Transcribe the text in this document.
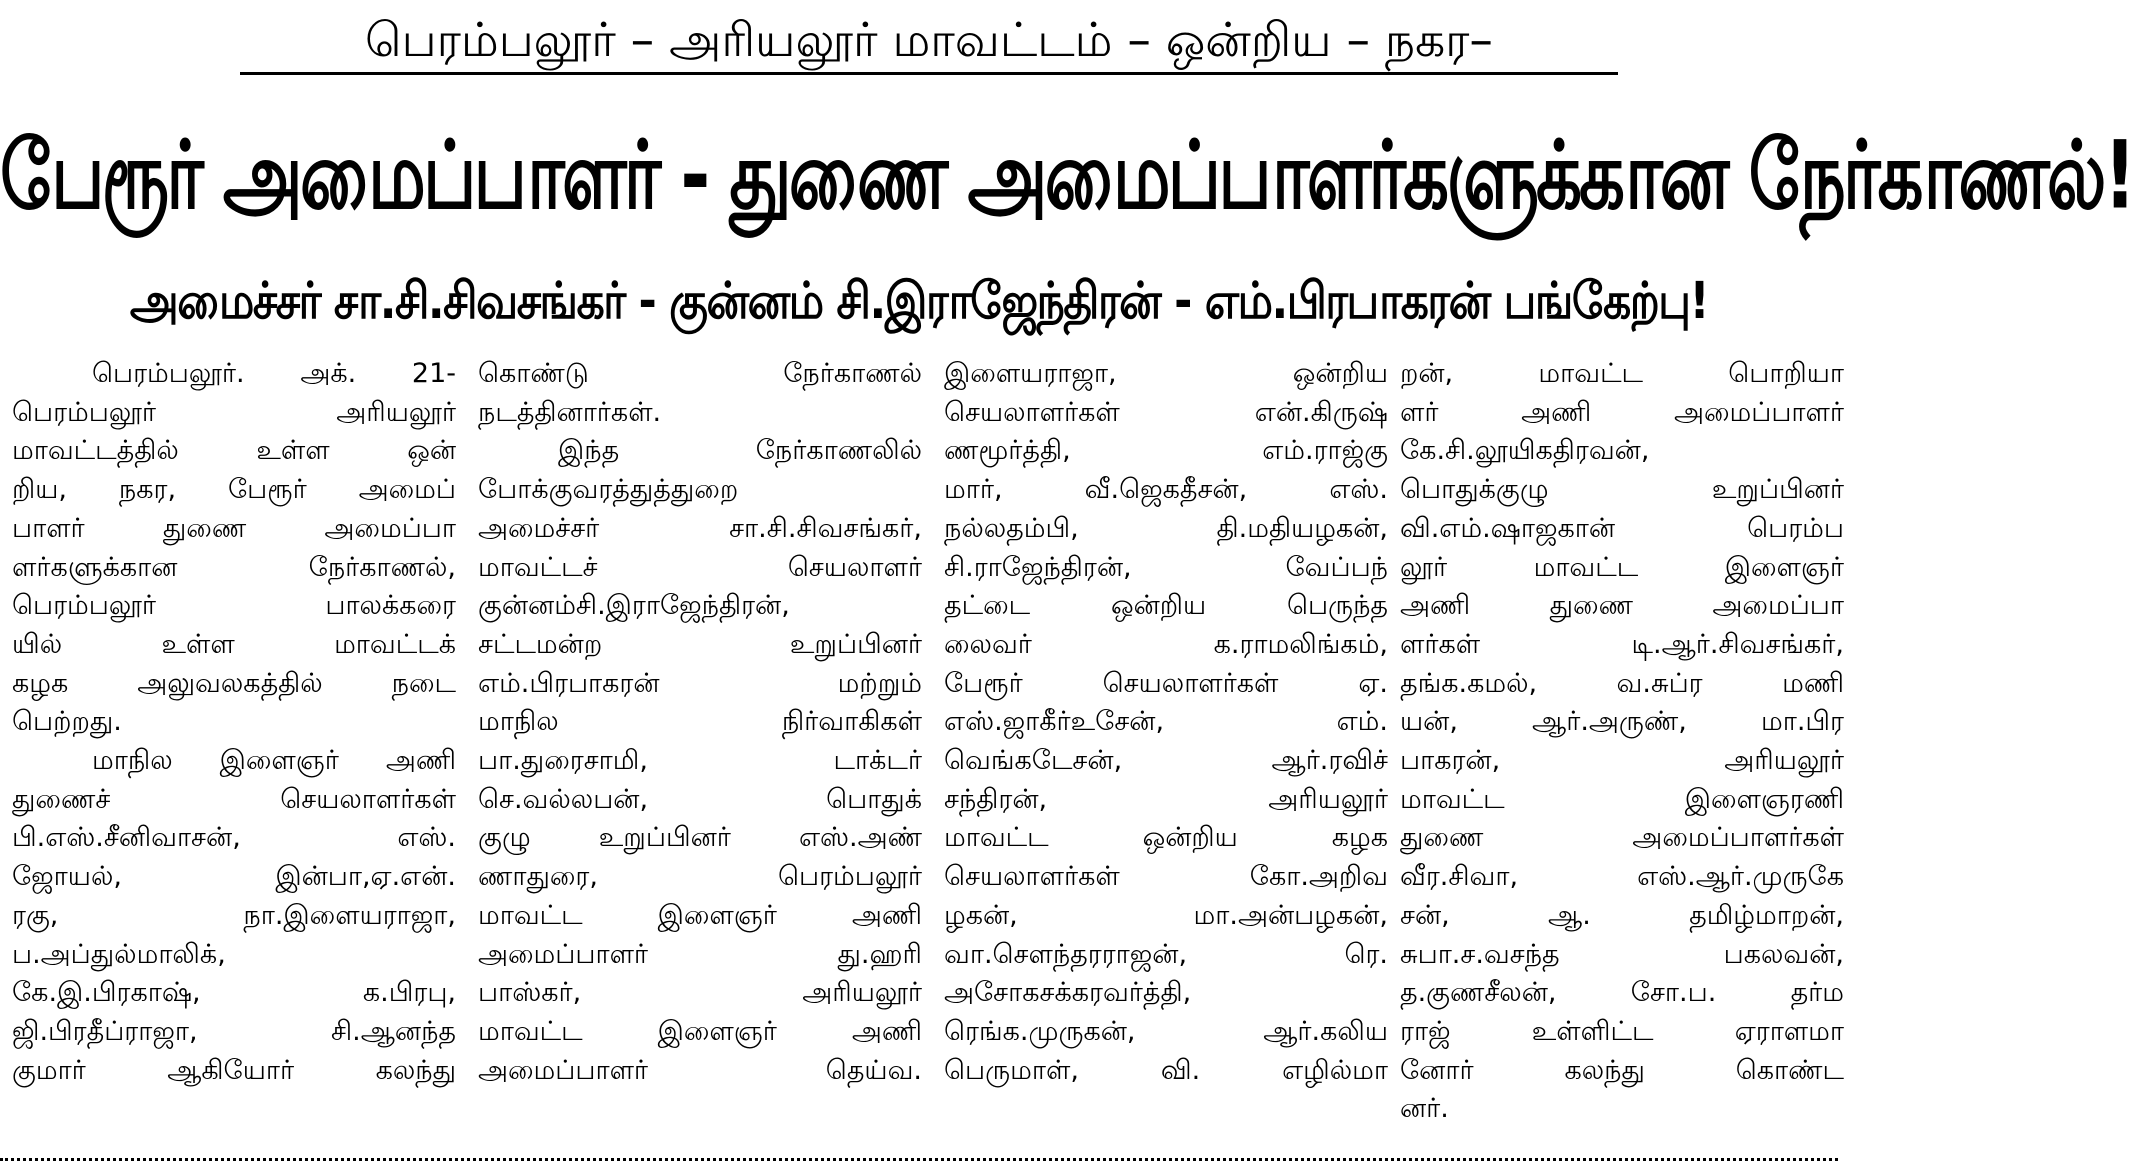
பெரம்பலூர் – அரியலூர் மாவட்டம் – ஒன்றிய – நகர–
பேரூர் அமைப்பாளர் - துணை அமைப்பாளர்களுக்கான நேர்காணல்!
அமைச்சர் சா.சி.சிவசங்கர் - குன்னம் சி.இராஜேந்திரன் - எம்.பிரபாகரன் பங்கேற்பு!
பெரம்பலூர். அக். 21-
பெரம்பலூர் அரியலூர்
மாவட்டத்தில் உள்ள ஒன்
றிய, நகர, பேரூர் அமைப்
பாளர் துணை அமைப்பா
ளர்களுக்கான நேர்காணல்,
பெரம்பலூர் பாலக்கரை
யில் உள்ள மாவட்டக்
கழக அலுவலகத்தில் நடை
பெற்றது.
மாநில இளைஞர் அணி
துணைச் செயலாளர்கள்
பி.எஸ்.சீனிவாசன், எஸ்.
ஜோயல், இன்பா,ஏ.என்.
ரகு, நா.இளையராஜா,
ப.அப்துல்மாலிக்,
கே.இ.பிரகாஷ், க.பிரபு,
ஜி.பிரதீப்ராஜா, சி.ஆனந்த
குமார் ஆகியோர் கலந்து
கொண்டு நேர்காணல்
நடத்தினார்கள்.
இந்த நேர்காணலில்
போக்குவரத்துத்துறை
அமைச்சர் சா.சி.சிவசங்கர்,
மாவட்டச் செயலாளர்
குன்னம்சி.இராஜேந்திரன்,
சட்டமன்ற உறுப்பினர்
எம்.பிரபாகரன் மற்றும்
மாநில நிர்வாகிகள்
பா.துரைசாமி, டாக்டர்
செ.வல்லபன், பொதுக்
குழு உறுப்பினர் எஸ்.அண்
ணாதுரை, பெரம்பலூர்
மாவட்ட இளைஞர் அணி
அமைப்பாளர் து.ஹரி
பாஸ்கர், அரியலூர்
மாவட்ட இளைஞர் அணி
அமைப்பாளர் தெய்வ.
இளையராஜா, ஒன்றிய
செயலாளர்கள் என்.கிருஷ்
ணமூர்த்தி, எம்.ராஜ்கு
மார், வீ.ஜெகதீசன், எஸ்.
நல்லதம்பி, தி.மதியழகன்,
சி.ராஜேந்திரன், வேப்பந்
தட்டை ஒன்றிய பெருந்த
லைவர் க.ராமலிங்கம்,
பேரூர் செயலாளர்கள் ஏ.
எஸ்.ஜாகீர்உசேன், எம்.
வெங்கடேசன், ஆர்.ரவிச்
சந்திரன், அரியலூர்
மாவட்ட ஒன்றிய கழக
செயலாளர்கள் கோ.அறிவ
ழகன், மா.அன்பழகன்,
வா.செளந்தரராஜன், ரெ.
அசோகசக்கரவர்த்தி,
ரெங்க.முருகன், ஆர்.கலிய
பெருமாள், வி. எழில்மா
றன், மாவட்ட பொறியா
ளர் அணி அமைப்பாளர்
கே.சி.லூயிகதிரவன்,
பொதுக்குழு உறுப்பினர்
வி.எம்.ஷாஜகான் பெரம்ப
லூர் மாவட்ட இளைஞர்
அணி துணை அமைப்பா
ளர்கள் டி.ஆர்.சிவசங்கர்,
தங்க.கமல், வ.சுப்ர மணி
யன், ஆர்.அருண், மா.பிர
பாகரன், அரியலூர்
மாவட்ட இளைஞரணி
துணை அமைப்பாளர்கள்
வீர.சிவா, எஸ்.ஆர்.முருகே
சன், ஆ. தமிழ்மாறன்,
சுபா.ச.வசந்த பகலவன்,
த.குணசீலன், சோ.ப. தர்ம
ராஜ் உள்ளிட்ட ஏராளமா
னோர் கலந்து கொண்ட
னர்.
